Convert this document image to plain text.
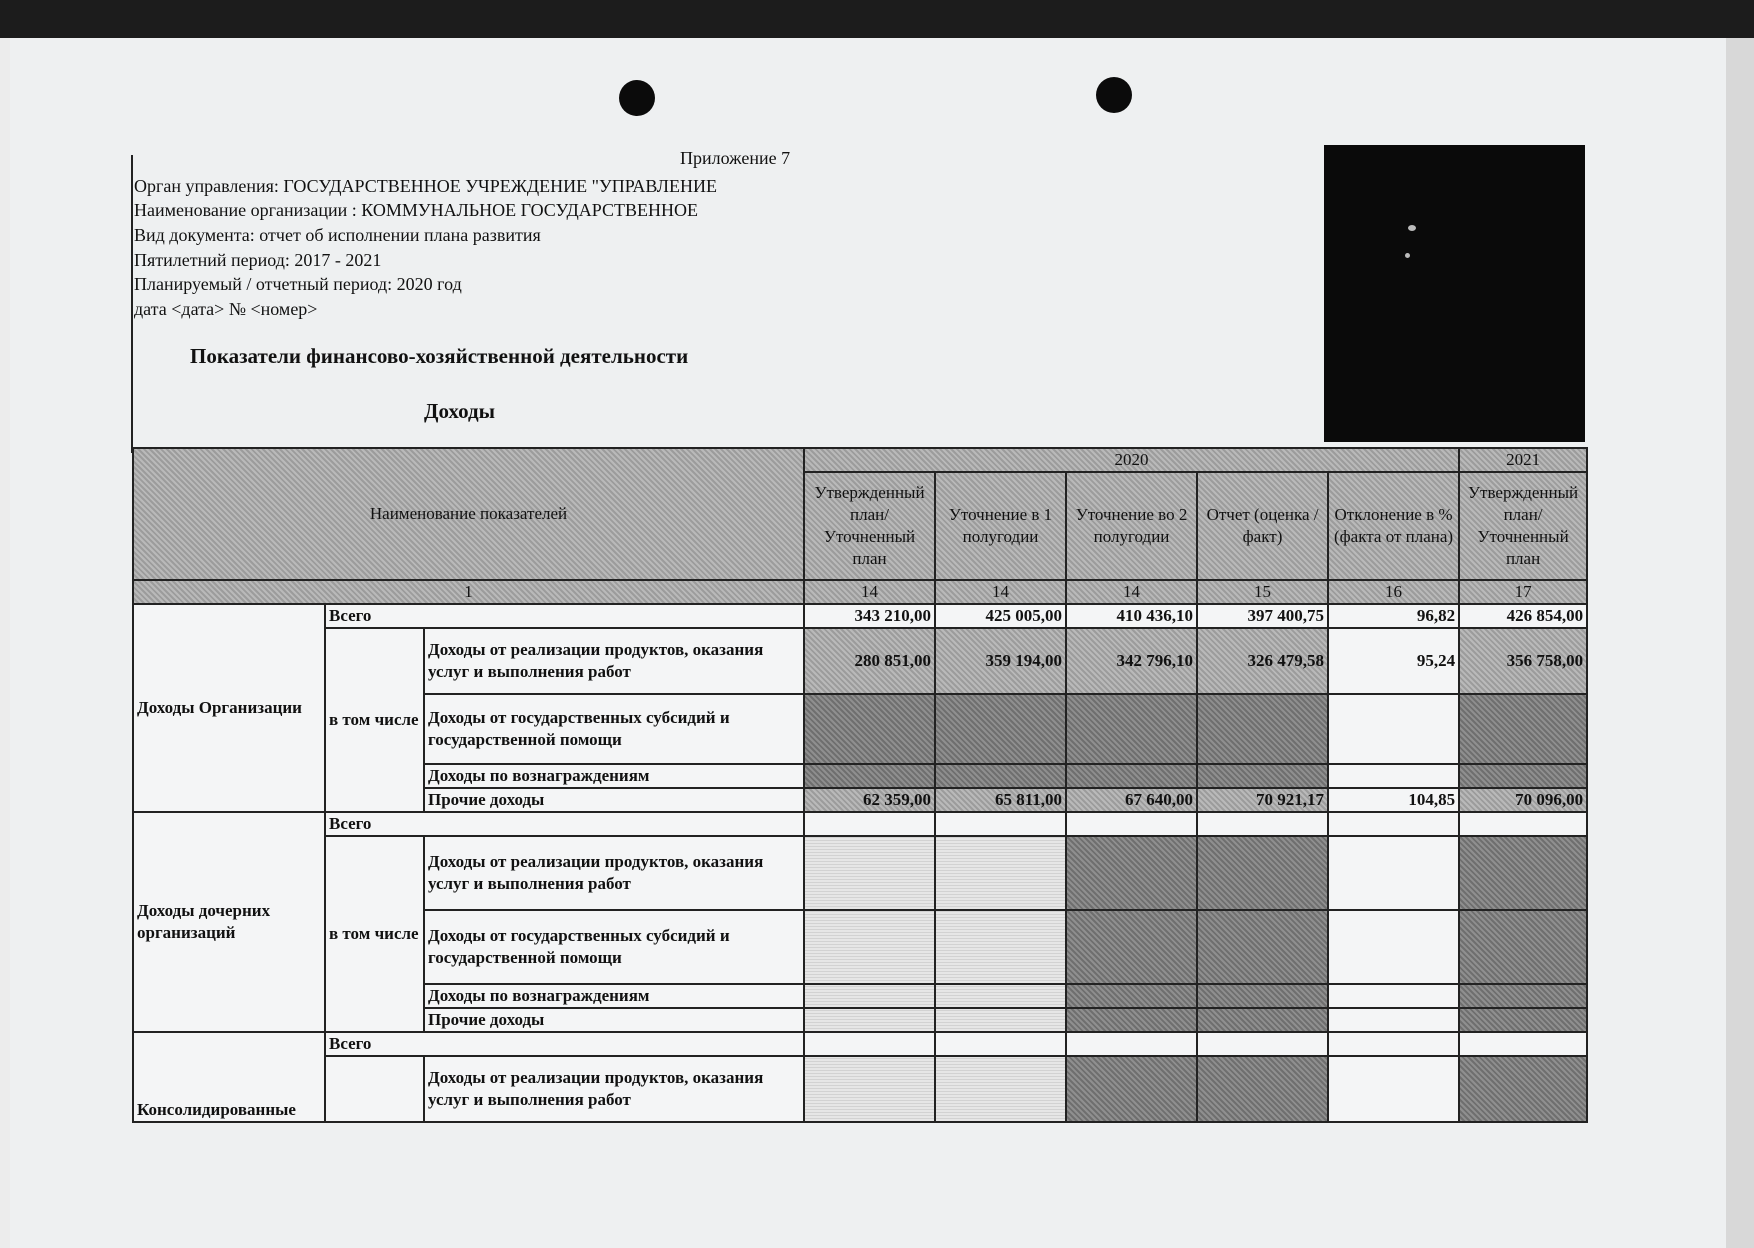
Приложение 7
Орган управления: ГОСУДАРСТВЕННОЕ УЧРЕЖДЕНИЕ "УПРАВЛЕНИЕ
Наименование организации : КОММУНАЛЬНОЕ ГОСУДАРСТВЕННОЕ
Вид документа: отчет об исполнении плана развития
Пятилетний период: 2017 - 2021
Планируемый / отчетный период: 2020 год
дата <дата> № <номер>
Показатели финансово-хозяйственной деятельности
Доходы
Наименование показателей			2020					2021
			Утвержденный план/Уточненный план	Уточнение в 1 полугодии	Уточнение во 2 полугодии	Отчет (оценка / факт)	Отклонение в % (факта от плана)	Утвержденный план/Уточненный план
1			14	14	14	15	16	17
Доходы Организации	Всего		343 210,00	425 005,00	410 436,10	397 400,75	96,82	426 854,00
	в том числе	Доходы от реализации продуктов, оказания услуг и выполнения работ	280 851,00	359 194,00	342 796,10	326 479,58	95,24	356 758,00
		Доходы от государственных субсидий и государственной помощи						
		Доходы по вознаграждениям						
		Прочие доходы	62 359,00	65 811,00	67 640,00	70 921,17	104,85	70 096,00
Доходы дочерних организаций	Всего							
	в том числе	Доходы от реализации продуктов, оказания услуг и выполнения работ						
		Доходы от государственных субсидий и государственной помощи						
		Доходы по вознаграждениям						
		Прочие доходы						
Консолидированные	Всего							
		Доходы от реализации продуктов, оказания услуг и выполнения работ						
